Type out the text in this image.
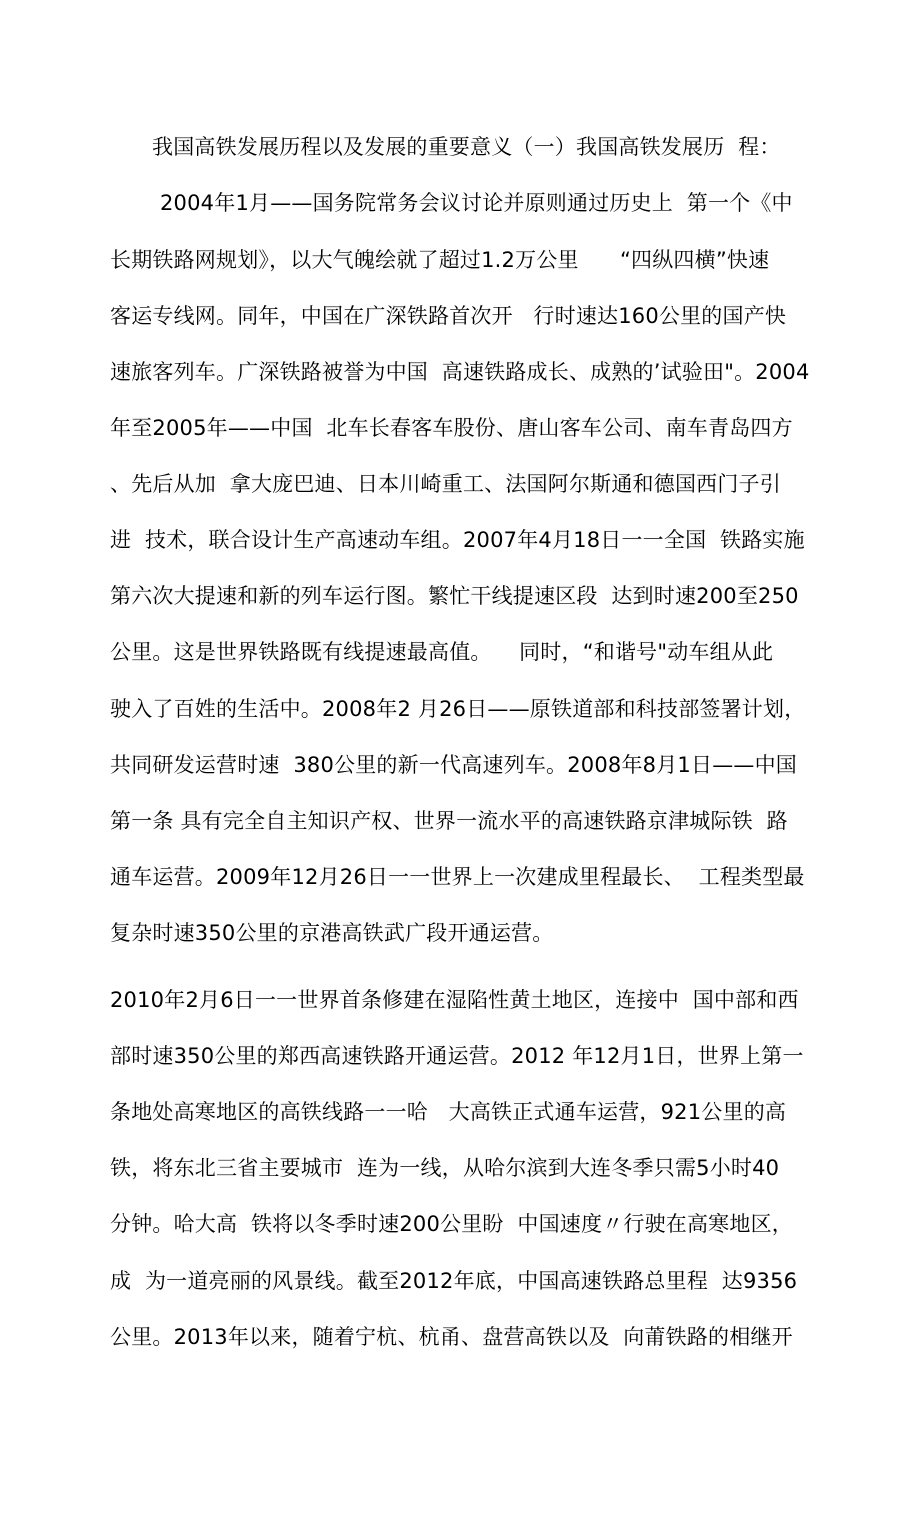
我国高铁发展历程以及发展的重要意义（一）我国高铁发展历  程：
2004年1月——国务院常务会议讨论并原则通过历史上  第一个《中
长期铁路网规划》，以大气魄绘就了超过1.2万公里      “四纵四横”快速
客运专线网。同年，中国在广深铁路首次开   行时速达160公里的国产快
速旅客列车。广深铁路被誉为中国  高速铁路成长、成熟的’试验田"。2004
年至2005年——中国  北车长春客车股份、唐山客车公司、南车青岛四方
、先后从加  拿大庞巴迪、日本川崎重工、法国阿尔斯通和德国西门子引
进  技术，联合设计生产高速动车组。2007年4月18日一一全国  铁路实施
第六次大提速和新的列车运行图。繁忙干线提速区段  达到时速200至250
公里。这是世界铁路既有线提速最高值。    同时，“和谐号"动车组从此
驶入了百姓的生活中。2008年2 月26日——原铁道部和科技部签署计划，
共同研发运营时速  380公里的新一代高速列车。2008年8月1日——中国
第一条 具有完全自主知识产权、世界一流水平的高速铁路京津城际铁  路
通车运营。2009年12月26日一一世界上一次建成里程最长、  工程类型最
复杂时速350公里的京港高铁武广段开通运营。
2010年2月6日一一世界首条修建在湿陷性黄土地区，连接中  国中部和西
部时速350公里的郑西高速铁路开通运营。2012 年12月1日，世界上第一
条地处高寒地区的高铁线路一一哈   大高铁正式通车运营，921公里的高
铁，将东北三省主要城市  连为一线，从哈尔滨到大连冬季只需5小时40
分钟。哈大高  铁将以冬季时速200公里盼  中国速度〃行驶在高寒地区，
成  为一道亮丽的风景线。截至2012年底，中国高速铁路总里程  达9356
公里。2013年以来，随着宁杭、杭甬、盘营高铁以及  向莆铁路的相继开
